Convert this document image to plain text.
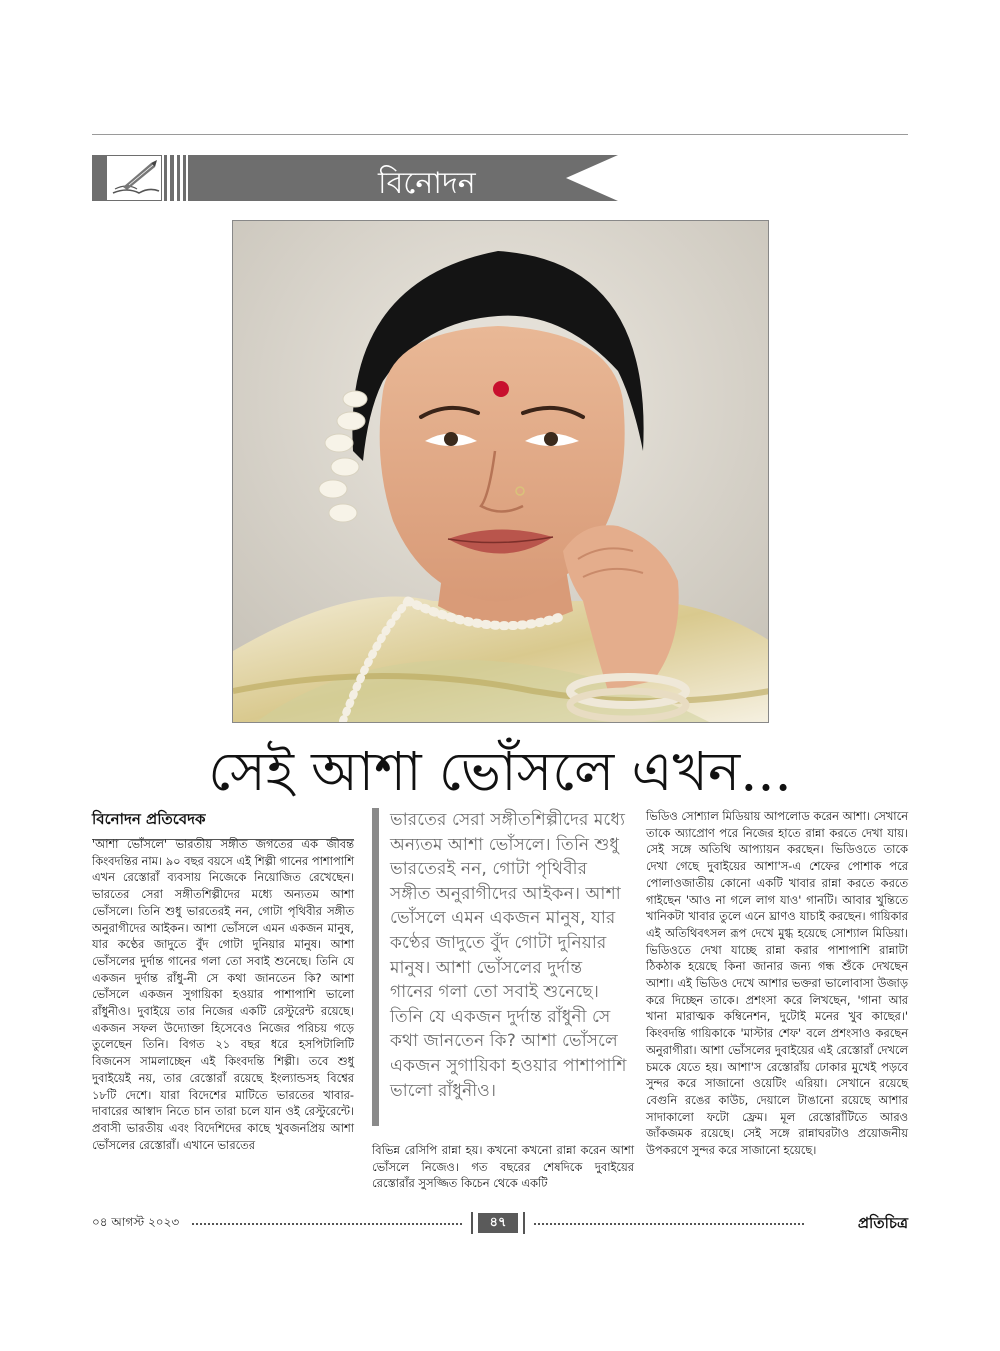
বিনোদন
সেই আশা ভোঁসলে এখন...
বিনোদন প্রতিবেদক
'আশা ভোঁসলে' ভারতীয় সঙ্গীত জগতের এক জীবন্ত কিংবদন্তির নাম। ৯০ বছর বয়সে এই শিল্পী গানের পাশাপাশি এখন রেস্তোরাঁ ব্যবসায় নিজেকে নিয়োজিত রেখেছেন। ভারতের সেরা সঙ্গীতশিল্পীদের মধ্যে অন্যতম আশা ভোঁসলে। তিনি শুধু ভারতেরই নন, গোটা পৃথিবীর সঙ্গীত অনুরাগীদের আইকন। আশা ভোঁসলে এমন একজন মানুষ, যার কণ্ঠের জাদুতে বুঁদ গোটা দুনিয়ার মানুষ। আশা ভোঁসলের দুর্দান্ত গানের গলা তো সবাই শুনেছে। তিনি যে একজন দুর্দান্ত রাঁধু-নী সে কথা জানতেন কি? আশা ভোঁসলে একজন সুগায়িকা হওয়ার পাশাপাশি ভালো রাঁধুনীও। দুবাইয়ে তার নিজের একটি রেস্টুরেন্ট রয়েছে। একজন সফল উদ্যোক্তা হিসেবেও নিজের পরিচয় গড়ে তুলেছেন তিনি। বিগত ২১ বছর ধরে হসপিটালিটি বিজনেস সামলাচ্ছেন এই কিংবদন্তি শিল্পী। তবে শুধু দুবাইয়েই নয়, তার রেস্তোরাঁ রয়েছে ইংল্যান্ডসহ বিশ্বের ১৮টি দেশে। যারা বিদেশের মাটিতে ভারতের খাবার-দাবারের আস্বাদ নিতে চান তারা চলে যান ওই রেস্টুরেন্টে। প্রবাসী ভারতীয় এবং বিদেশিদের কাছে খুবজনপ্রিয় আশা ভোঁসলের রেস্তোরাঁ। এখানে ভারতের
ভারতের সেরা সঙ্গীতশিল্পীদের মধ্যে অন্যতম আশা ভোঁসলে। তিনি শুধু ভারতেরই নন, গোটা পৃথিবীর সঙ্গীত অনুরাগীদের আইকন। আশা ভোঁসলে এমন একজন মানুষ, যার কণ্ঠের জাদুতে বুঁদ গোটা দুনিয়ার মানুষ। আশা ভোঁসলের দুর্দান্ত গানের গলা তো সবাই শুনেছে। তিনি যে একজন দুর্দান্ত রাঁধুনী সে কথা জানতেন কি? আশা ভোঁসলে একজন সুগায়িকা হওয়ার পাশাপাশি ভালো রাঁধুনীও।
বিভিন্ন রেসিপি রান্না হয়। কখনো কখনো রান্না করেন আশা ভোঁসলে নিজেও। গত বছরের শেষদিকে দুবাইয়ের রেস্তোরাঁর সুসজ্জিত কিচেন থেকে একটি
ভিডিও সোশ্যাল মিডিয়ায় আপলোড করেন আশা। সেখানে তাকে অ্যাপ্রোণ পরে নিজের হাতে রান্না করতে দেখা যায়। সেই সঙ্গে অতিথি আপ্যায়ন করছেন। ভিডিওতে তাকে দেখা গেছে দুবাইয়ের আশা'স-এ শেফের পোশাক পরে পোলাওজাতীয় কোনো একটি খাবার রান্না করতে করতে গাইছেন 'আও না গলে লাগ যাও' গানটি। আবার খুন্তিতে খানিকটা খাবার তুলে এনে ঘ্রাণও যাচাই করছেন। গায়িকার এই অতিথিবৎসল রূপ দেখে মুগ্ধ হয়েছে সোশ্যাল মিডিয়া। ভিডিওতে দেখা যাচ্ছে রান্না করার পাশাপাশি রান্নাটা ঠিকঠাক হয়েছে কিনা জানার জন্য গন্ধ শুঁকে দেখছেন আশা। এই ভিডিও দেখে আশার ভক্তরা ভালোবাসা উজাড় করে দিচ্ছেন তাকে। প্রশংসা করে লিখছেন, 'গানা আর খানা মারাত্মক কম্বিনেশন, দুটোই মনের খুব কাছের।' কিংবদন্তি গায়িকাকে 'মাস্টার শেফ' বলে প্রশংসাও করছেন অনুরাগীরা। আশা ভোঁসলের দুবাইয়ের এই রেস্তোরাঁ দেখলে চমকে যেতে হয়। আশা'স রেস্তোরাঁয় ঢোকার মুখেই পড়বে সুন্দর করে সাজানো ওয়েটিং এরিয়া। সেখানে রয়েছে বেগুনি রঙের কাউচ, দেয়ালে টাঙানো রয়েছে আশার সাদাকালো ফটো ফ্রেম। মূল রেস্তোরাঁটিতে আরও জাঁকজমক রয়েছে। সেই সঙ্গে রান্নাঘরটাও প্রয়োজনীয় উপকরণে সুন্দর করে সাজানো হয়েছে।
০৪ আগস্ট ২০২৩	৪৭	প্রতিচিত্র
